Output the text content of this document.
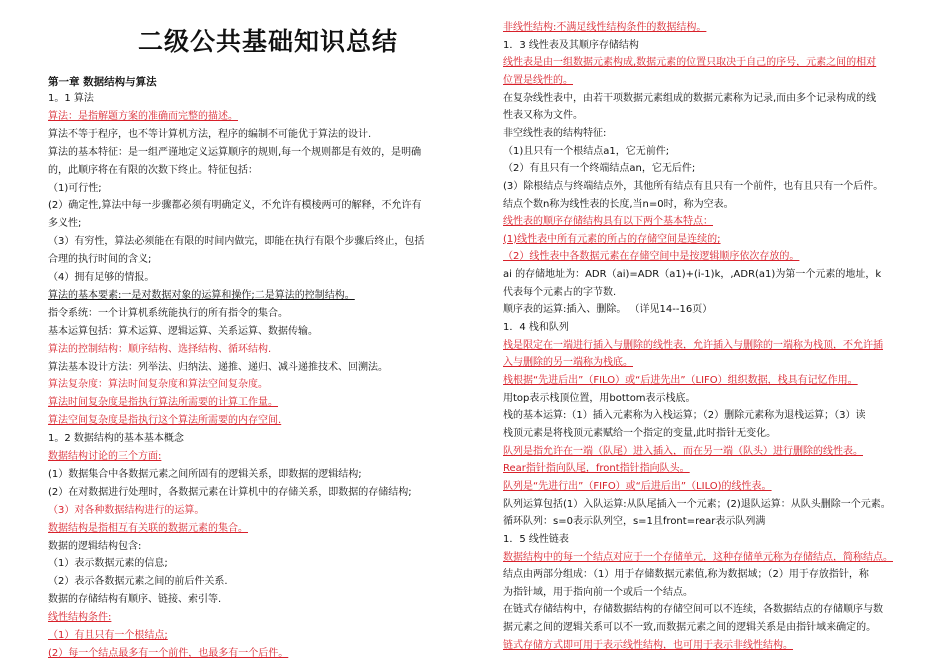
二级公共基础知识总结
第一章 数据结构与算法
1。1 算法
算法：是指解题方案的准确而完整的描述。
算法不等于程序，也不等计算机方法，程序的编制不可能优于算法的设计.
算法的基本特征：是一组严谨地定义运算顺序的规则,每一个规则都是有效的，是明确
的，此顺序将在有限的次数下终止。特征包括：
（1)可行性;
(2）确定性,算法中每一步骤都必须有明确定义，不允许有模棱两可的解释，不允许有
多义性;
（3）有穷性，算法必须能在有限的时间内做完，即能在执行有限个步骤后终止，包括
合理的执行时间的含义;
（4）拥有足够的情报。
算法的基本要素:一是对数据对象的运算和操作;二是算法的控制结构。
指令系统：一个计算机系统能执行的所有指令的集合。
基本运算包括：算术运算、逻辑运算、关系运算、数据传输。
算法的控制结构：顺序结构、选择结构、循环结构.
算法基本设计方法：列举法、归纳法、递推、递归、减斗递推技术、回溯法。
算法复杂度：算法时间复杂度和算法空间复杂度。
算法时间复杂度是指执行算法所需要的计算工作量。
算法空间复杂度是指执行这个算法所需要的内存空间.
1。2 数据结构的基本基本概念
数据结构讨论的三个方面:
(1）数据集合中各数据元素之间所固有的逻辑关系，即数据的逻辑结构;
(2）在对数据进行处理时，各数据元素在计算机中的存储关系，即数据的存储结构;
（3）对各种数据结构进行的运算。
数据结构是指相互有关联的数据元素的集合。
数据的逻辑结构包含:
（1）表示数据元素的信息;
（2）表示各数据元素之间的前后件关系.
数据的存储结构有顺序、链接、索引等.
线性结构条件:
（1）有且只有一个根结点;
(2）每一个结点最多有一个前件，也最多有一个后件。
非线性结构:不满足线性结构条件的数据结构。
1．3 线性表及其顺序存储结构
线性表是由一组数据元素构成,数据元素的位置只取决于自己的序号，元素之间的相对
位置是线性的。
在复杂线性表中，由若干项数据元素组成的数据元素称为记录,而由多个记录构成的线
性表又称为文件。
非空线性表的结构特征:
（1)且只有一个根结点a1，它无前件;
（2）有且只有一个终端结点an，它无后件;
(3）除根结点与终端结点外，其他所有结点有且只有一个前件，也有且只有一个后件。
结点个数n称为线性表的长度,当n=0时，称为空表。
线性表的顺序存储结构具有以下两个基本特点：
(1)线性表中所有元素的所占的存储空间是连续的;
（2）线性表中各数据元素在存储空间中是按逻辑顺序依次存放的。
ai 的存储地址为：ADR（ai)=ADR（a1)+(i-1)k，,ADR(a1)为第一个元素的地址，k
代表每个元素占的字节数.
顺序表的运算:插入、删除。 （详见14--16页）
1．4 栈和队列
栈是限定在一端进行插入与删除的线性表，允许插入与删除的一端称为栈顶，不允许插
入与删除的另一端称为栈底。
栈根据“先进后出”（FILO）或“后进先出”（LIFO）组织数据，栈具有记忆作用。
用top表示栈顶位置，用bottom表示栈底。
栈的基本运算:（1）插入元素称为入栈运算；（2）删除元素称为退栈运算；（3）读
栈顶元素是将栈顶元素赋给一个指定的变量,此时指针无变化。
队列是指允许在一端（队尾）进入插入，而在另一端（队头）进行删除的线性表。
Rear指针指向队尾，front指针指向队头。
队列是“先进行出”（FIFO）或“后进后出”（LILO)的线性表。
队列运算包括(1）入队运算:从队尾插入一个元素；(2)退队运算：从队头删除一个元素。
循环队列：s=0表示队列空，s=1且front=rear表示队列满
1．5 线性链表
数据结构中的每一个结点对应于一个存储单元，这种存储单元称为存储结点，简称结点。
结点由两部分组成：（1）用于存储数据元素值,称为数据域；（2）用于存放指针，称
为指针域，用于指向前一个或后一个结点。
在链式存储结构中，存储数据结构的存储空间可以不连续，各数据结点的存储顺序与数
据元素之间的逻辑关系可以不一致,而数据元素之间的逻辑关系是由指针域来确定的。
链式存储方式即可用于表示线性结构，也可用于表示非线性结构。
